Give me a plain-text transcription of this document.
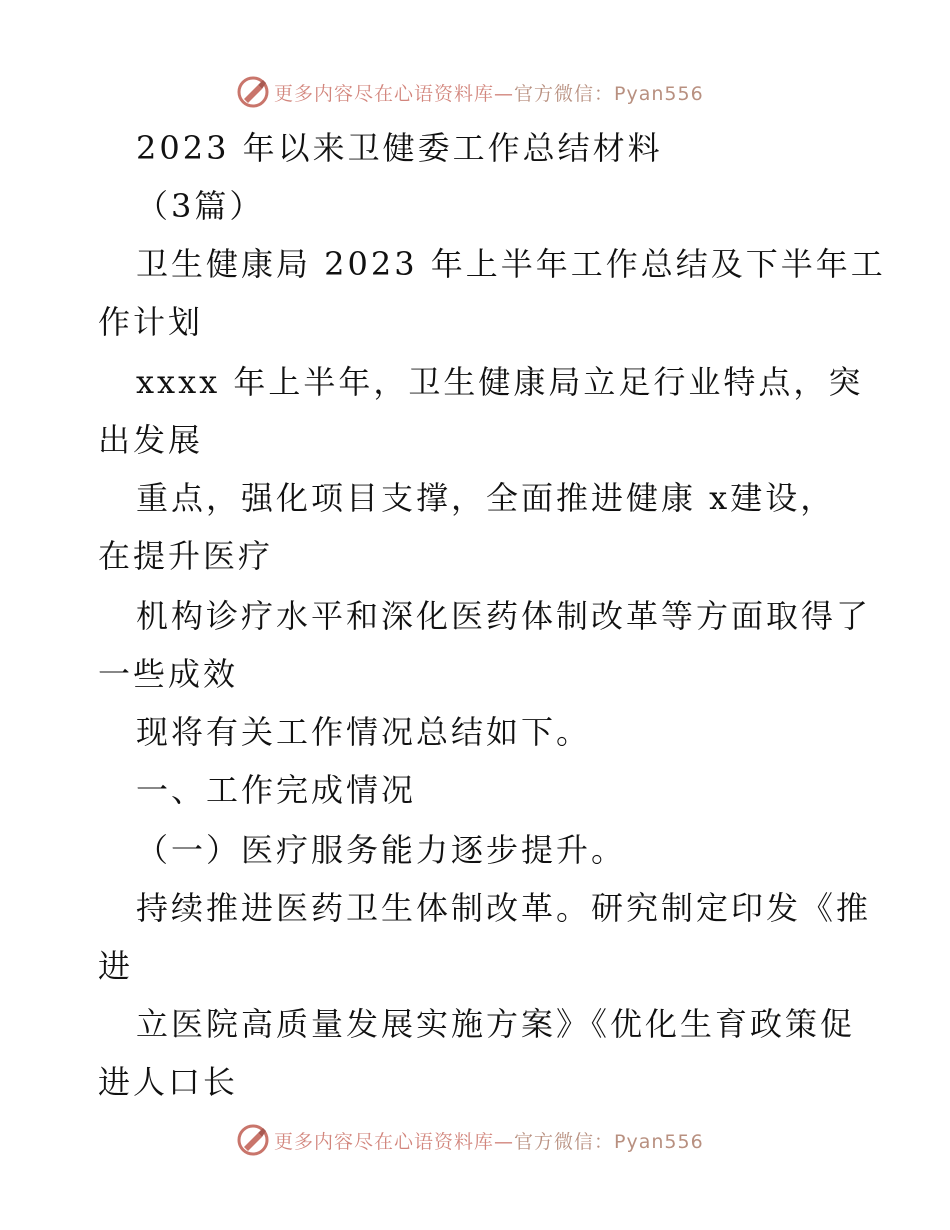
更多内容尽在心语资料库—官方微信：Pyan556
2023 年以来卫健委工作总结材料
（3篇）
卫生健康局 2023 年上半年工作总结及下半年工
作计划
xxxx 年上半年，卫生健康局立足行业特点，突
出发展
重点，强化项目支撑，全面推进健康 x建设，
在提升医疗
机构诊疗水平和深化医药体制改革等方面取得了
一些成效
现将有关工作情况总结如下。
一、工作完成情况
（一）医疗服务能力逐步提升。
持续推进医药卫生体制改革。研究制定印发《推
进
立医院高质量发展实施方案》《优化生育政策促
进人口长
更多内容尽在心语资料库—官方微信：Pyan556
